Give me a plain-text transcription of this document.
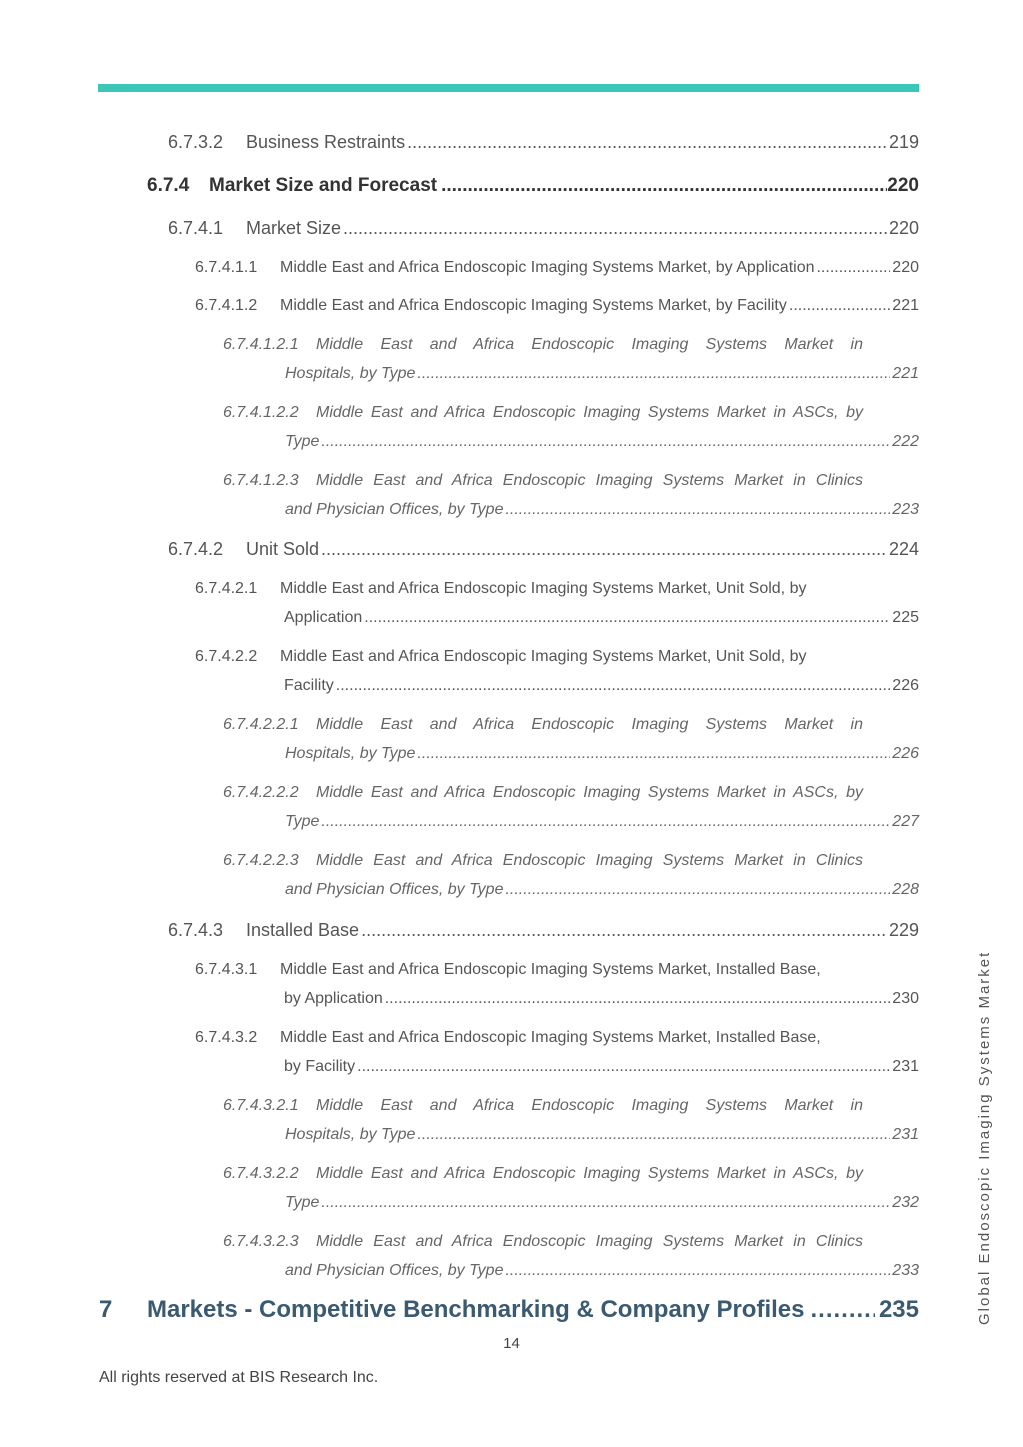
6.7.3.2	Business Restraints .....	219
6.7.4	Market Size and Forecast .....	220
6.7.4.1	Market Size .....	220
6.7.4.1.1	Middle East and Africa Endoscopic Imaging Systems Market, by Application .....	220
6.7.4.1.2	Middle East and Africa Endoscopic Imaging Systems Market, by Facility .....	221
6.7.4.1.2.1	Middle East and Africa Endoscopic Imaging Systems Market in
Hospitals, by Type .....	221
6.7.4.1.2.2	Middle East and Africa Endoscopic Imaging Systems Market in ASCs, by
Type .....	222
6.7.4.1.2.3	Middle East and Africa Endoscopic Imaging Systems Market in Clinics
and Physician Offices, by Type .....	223
6.7.4.2	Unit Sold .....	224
6.7.4.2.1	Middle East and Africa Endoscopic Imaging Systems Market, Unit Sold, by
Application .....	225
6.7.4.2.2	Middle East and Africa Endoscopic Imaging Systems Market, Unit Sold, by
Facility .....	226
6.7.4.2.2.1	Middle East and Africa Endoscopic Imaging Systems Market in
Hospitals, by Type .....	226
6.7.4.2.2.2	Middle East and Africa Endoscopic Imaging Systems Market in ASCs, by
Type .....	227
6.7.4.2.2.3	Middle East and Africa Endoscopic Imaging Systems Market in Clinics
and Physician Offices, by Type .....	228
6.7.4.3	Installed Base .....	229
6.7.4.3.1	Middle East and Africa Endoscopic Imaging Systems Market, Installed Base,
by Application .....	230
6.7.4.3.2	Middle East and Africa Endoscopic Imaging Systems Market, Installed Base,
by Facility .....	231
6.7.4.3.2.1	Middle East and Africa Endoscopic Imaging Systems Market in
Hospitals, by Type .....	231
6.7.4.3.2.2	Middle East and Africa Endoscopic Imaging Systems Market in ASCs, by
Type .....	232
6.7.4.3.2.3	Middle East and Africa Endoscopic Imaging Systems Market in Clinics
and Physician Offices, by Type .....	233
7	Markets - Competitive Benchmarking & Company Profiles .....	235
14
All rights reserved at BIS Research Inc.
Global Endoscopic Imaging Systems Market
